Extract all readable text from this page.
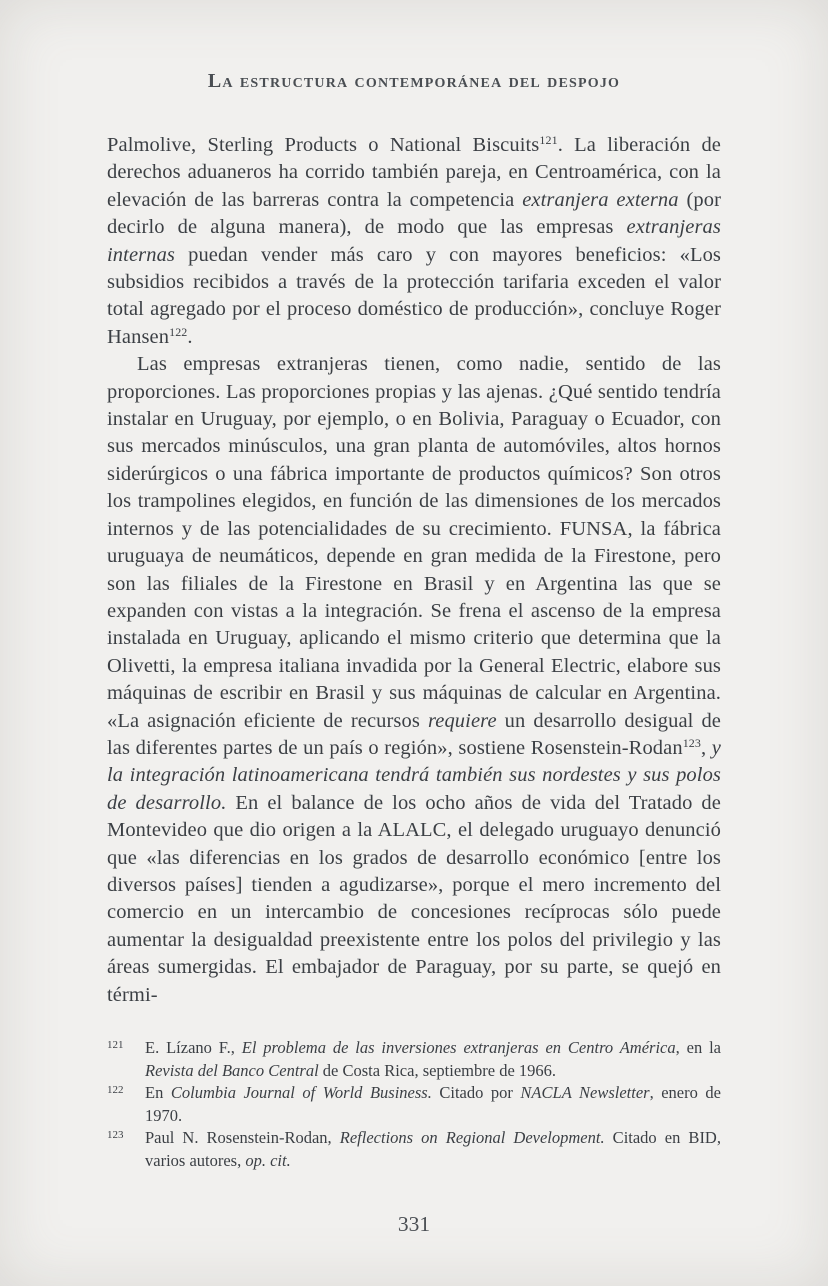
La estructura contemporánea del despojo

Palmolive, Sterling Products o National Biscuits$^{121}$. La liberación de derechos aduaneros ha corrido también pareja, en Centroamérica, con la elevación de las barreras contra la competencia extranjera externa (por decirlo de alguna manera), de modo que las empresas extranjeras internas puedan vender más caro y con mayores beneficios: «Los subsidios recibidos a través de la protección tarifaria exceden el valor total agregado por el proceso doméstico de producción», concluye Roger Hansen$^{122}$.

Las empresas extranjeras tienen, como nadie, sentido de las proporciones. Las proporciones propias y las ajenas. ¿Qué sentido tendría instalar en Uruguay, por ejemplo, o en Bolivia, Paraguay o Ecuador, con sus mercados minúsculos, una gran planta de automóviles, altos hornos siderúrgicos o una fábrica importante de productos químicos? Son otros los trampolines elegidos, en función de las dimensiones de los mercados internos y de las potencialidades de su crecimiento. FUNSA, la fábrica uruguaya de neumáticos, depende en gran medida de la Firestone, pero son las filiales de la Firestone en Brasil y en Argentina las que se expanden con vistas a la integración. Se frena el ascenso de la empresa instalada en Uruguay, aplicando el mismo criterio que determina que la Olivetti, la empresa italiana invadida por la General Electric, elabore sus máquinas de escribir en Brasil y sus máquinas de calcular en Argentina. «La asignación eficiente de recursos requiere un desarrollo desigual de las diferentes partes de un país o región», sostiene Rosenstein-Rodan$^{123}$, y la integración latinoamericana tendrá también sus nordestes y sus polos de desarrollo. En el balance de los ocho años de vida del Tratado de Montevideo que dio origen a la ALALC, el delegado uruguayo denunció que «las diferencias en los grados de desarrollo económico [entre los diversos países] tienden a agudizarse», porque el mero incremento del comercio en un intercambio de concesiones recíprocas sólo puede aumentar la desigualdad preexistente entre los polos del privilegio y las áreas sumergidas. El embajador de Paraguay, por su parte, se quejó en térmi-

$^{121}$ E. Lízano F., El problema de las inversiones extranjeras en Centro América, en la Revista del Banco Central de Costa Rica, septiembre de 1966.

$^{122}$ En Columbia Journal of World Business. Citado por NACLA Newsletter, enero de 1970.

$^{123}$ Paul N. Rosenstein-Rodan, Reflections on Regional Development. Citado en BID, varios autores, op. cit.

331
